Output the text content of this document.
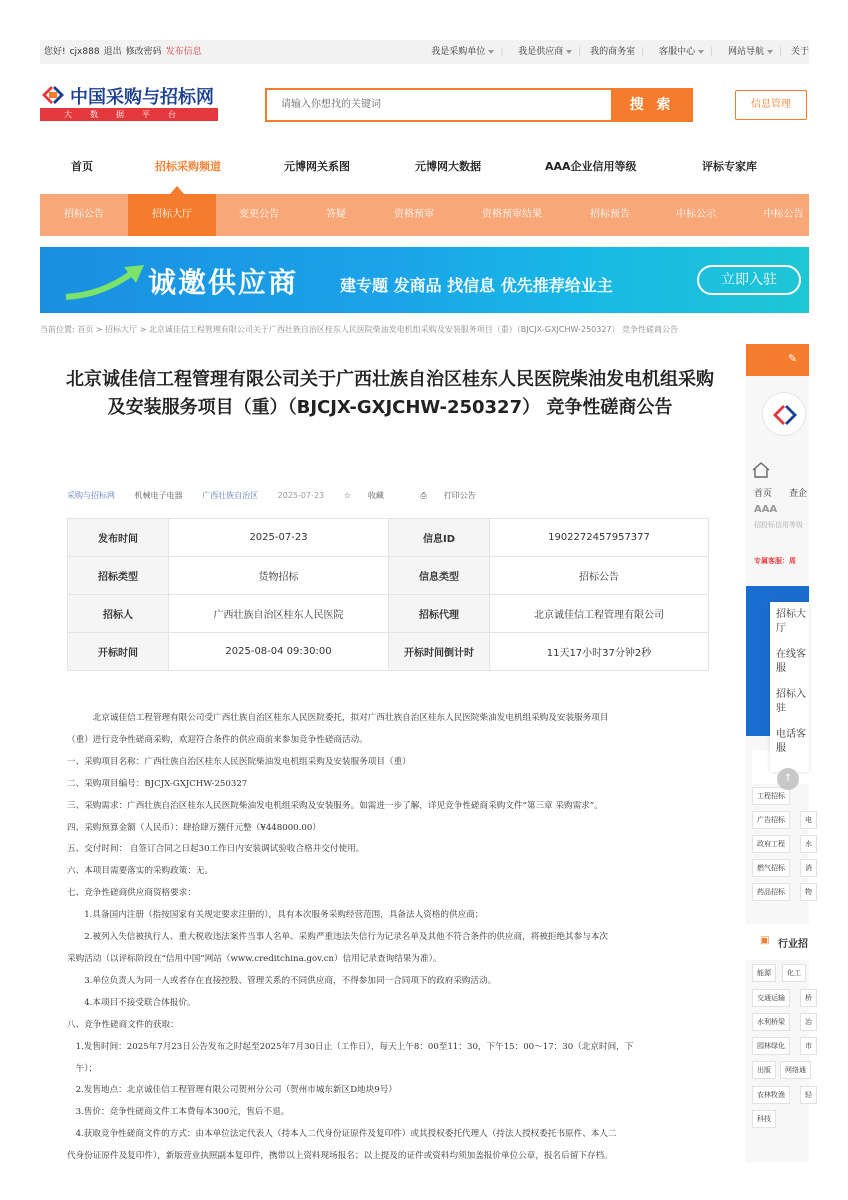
您好! cjx888 退出 修改密码 发布信息	我是采购单位 | 我是供应商 | 我的商务室 | 客服中心 | 网站导航 | 关于
中国采购与招标网
大数据平台
请输入你想找的关键词	搜 索	信息管理
首页	招标采购频道	元博网关系图	元博网大数据	AAA企业信用等级	评标专家库
招标公告	招标大厅	变更公告	答疑	资格预审	资格预审结果	招标预告	中标公示	中标公告
诚邀供应商	建专题 发商品 找信息 优先推荐给业主	立即入驻
当前位置: 首页 > 招标大厅 > 北京诚佳信工程管理有限公司关于广西壮族自治区桂东人民医院柴油发电机组采购及安装服务项目（重）（BJCJX-GXJCHW-250327） 竞争性磋商公告
北京诚佳信工程管理有限公司关于广西壮族自治区桂东人民医院柴油发电机组采购及安装服务项目（重）（BJCJX-GXJCHW-250327） 竞争性磋商公告
采购与招标网 机械电子电器 广西壮族自治区 2025-07-23 ☆ 收藏	⎙ 打印公告
发布时间	2025-07-23	信息ID	1902272457957377
招标类型	货物招标	信息类型	招标公告
招标人	广西壮族自治区桂东人民医院	招标代理	北京诚佳信工程管理有限公司
开标时间	2025-08-04 09:30:00	开标时间倒计时	11天17小时37分钟2秒

　　　北京诚佳信工程管理有限公司受广西壮族自治区桂东人民医院委托，拟对广西壮族自治区桂东人民医院柴油发电机组采购及安装服务项目

（重）进行竞争性磋商采购，欢迎符合条件的供应商前来参加竞争性磋商活动。

一、采购项目名称：广西壮族自治区桂东人民医院柴油发电机组采购及安装服务项目（重）

二、采购项目编号：BJCJX-GXJCHW-250327

三、采购需求：广西壮族自治区桂东人民医院柴油发电机组采购及安装服务。如需进一步了解，详见竞争性磋商采购文件“第三章 采购需求”。

四、采购预算金额（人民币）：肆拾肆万捌仟元整（¥448000.00）

五、交付时间： 自签订合同之日起30工作日内安装调试验收合格并交付使用。

六、本项目需要落实的采购政策：无。

七、竞争性磋商供应商资格要求：

　　1.具备国内注册（指按国家有关规定要求注册的），具有本次服务采购经营范围，具备法人资格的供应商；

　　2.被列入失信被执行人、重大税收违法案件当事人名单、采购严重违法失信行为记录名单及其他不符合条件的供应商，将被拒绝其参与本次

采购活动（以评标阶段在“信用中国”网站（www.creditchina.gov.cn）信用记录查询结果为准）。

　　3.单位负责人为同一人或者存在直接控股、管理关系的不同供应商，不得参加同一合同项下的政府采购活动。

　　4.本项目不接受联合体报价。

八、竞争性磋商文件的获取：

　1.发售时间：2025年7月23日公告发布之时起至2025年7月30日止（工作日），每天上午8：00至11：30，下午15：00～17：30（北京时间，下

　午）；

　2.发售地点：北京诚佳信工程管理有限公司贺州分公司（贺州市城东新区D地块9号）

　3.售价：竞争性磋商文件工本费每本300元，售后不退。

　4.获取竞争性磋商文件的方式：由本单位法定代表人（持本人二代身份证原件及复印件）或其授权委托代理人（持法人授权委托书原件、本人二

代身份证原件及复印件），新版营业执照副本复印件，携带以上资料现场报名；以上提及的证件或资料均须加盖报价单位公章，报名后留下存档。

✎
首页 查企
AAA
招投标信用等级
专属客服：周
工程招标
广告招标	电
政府工程	水
燃气招标	消
药品招标	物
▣ 行业招
能源	化工
交通运输	桥
水利桥梁	冶
园林绿化	市
出版	网络通
农林牧渔	轻
科技
招标大厅
在线客服
招标入驻
电话客服
↑
